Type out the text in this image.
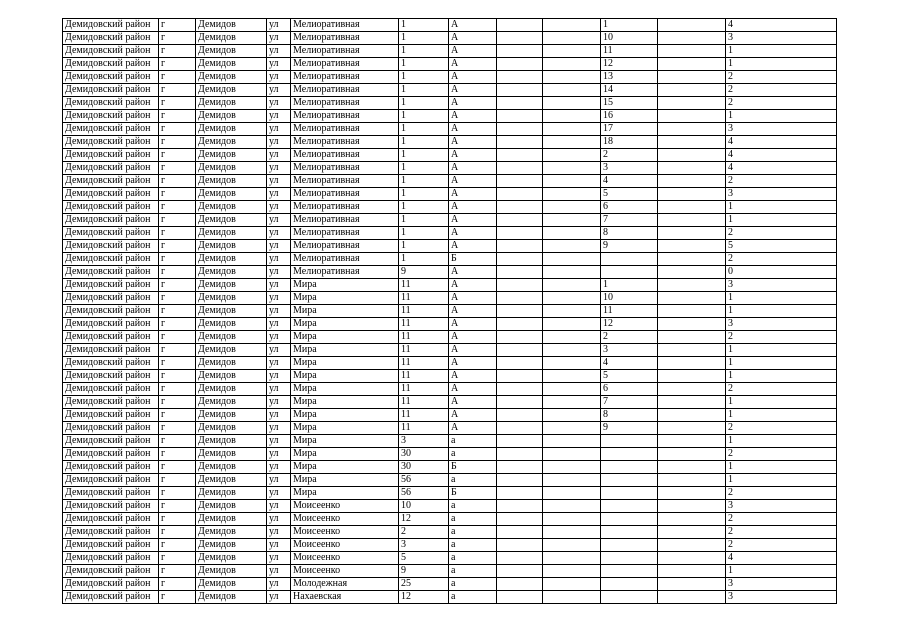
Демидовский район	г	Демидов	ул	Мелиоративная	1	А			1		4
Демидовский район	г	Демидов	ул	Мелиоративная	1	А			10		3
Демидовский район	г	Демидов	ул	Мелиоративная	1	А			11		1
Демидовский район	г	Демидов	ул	Мелиоративная	1	А			12		1
Демидовский район	г	Демидов	ул	Мелиоративная	1	А			13		2
Демидовский район	г	Демидов	ул	Мелиоративная	1	А			14		2
Демидовский район	г	Демидов	ул	Мелиоративная	1	А			15		2
Демидовский район	г	Демидов	ул	Мелиоративная	1	А			16		1
Демидовский район	г	Демидов	ул	Мелиоративная	1	А			17		3
Демидовский район	г	Демидов	ул	Мелиоративная	1	А			18		4
Демидовский район	г	Демидов	ул	Мелиоративная	1	А			2		4
Демидовский район	г	Демидов	ул	Мелиоративная	1	А			3		4
Демидовский район	г	Демидов	ул	Мелиоративная	1	А			4		2
Демидовский район	г	Демидов	ул	Мелиоративная	1	А			5		3
Демидовский район	г	Демидов	ул	Мелиоративная	1	А			6		1
Демидовский район	г	Демидов	ул	Мелиоративная	1	А			7		1
Демидовский район	г	Демидов	ул	Мелиоративная	1	А			8		2
Демидовский район	г	Демидов	ул	Мелиоративная	1	А			9		5
Демидовский район	г	Демидов	ул	Мелиоративная	1	Б					2
Демидовский район	г	Демидов	ул	Мелиоративная	9	А					0
Демидовский район	г	Демидов	ул	Мира	11	А			1		3
Демидовский район	г	Демидов	ул	Мира	11	А			10		1
Демидовский район	г	Демидов	ул	Мира	11	А			11		1
Демидовский район	г	Демидов	ул	Мира	11	А			12		3
Демидовский район	г	Демидов	ул	Мира	11	А			2		2
Демидовский район	г	Демидов	ул	Мира	11	А			3		1
Демидовский район	г	Демидов	ул	Мира	11	А			4		1
Демидовский район	г	Демидов	ул	Мира	11	А			5		1
Демидовский район	г	Демидов	ул	Мира	11	А			6		2
Демидовский район	г	Демидов	ул	Мира	11	А			7		1
Демидовский район	г	Демидов	ул	Мира	11	А			8		1
Демидовский район	г	Демидов	ул	Мира	11	А			9		2
Демидовский район	г	Демидов	ул	Мира	3	а					1
Демидовский район	г	Демидов	ул	Мира	30	а					2
Демидовский район	г	Демидов	ул	Мира	30	Б					1
Демидовский район	г	Демидов	ул	Мира	56	а					1
Демидовский район	г	Демидов	ул	Мира	56	Б					2
Демидовский район	г	Демидов	ул	Моисеенко	10	а					3
Демидовский район	г	Демидов	ул	Моисеенко	12	а					2
Демидовский район	г	Демидов	ул	Моисеенко	2	а					2
Демидовский район	г	Демидов	ул	Моисеенко	3	а					2
Демидовский район	г	Демидов	ул	Моисеенко	5	а					4
Демидовский район	г	Демидов	ул	Моисеенко	9	а					1
Демидовский район	г	Демидов	ул	Молодежная	25	а					3
Демидовский район	г	Демидов	ул	Нахаевская	12	а					3
